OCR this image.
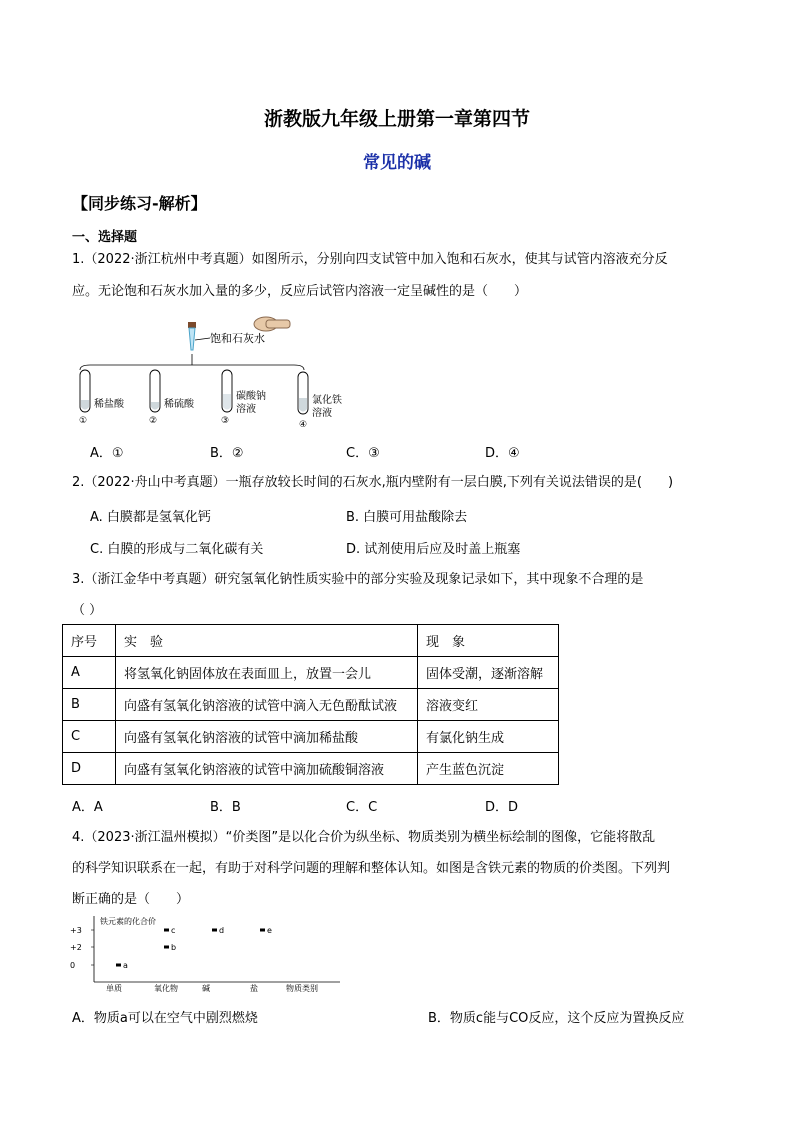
浙教版九年级上册第一章第四节
常见的碱
【同步练习-解析】
一、选择题
1.（2022·浙江杭州中考真题）如图所示，分别向四支试管中加入饱和石灰水，使其与试管内溶液充分反
应。无论饱和石灰水加入量的多少，反应后试管内溶液一定呈碱性的是（　　）
饱和石灰水
稀盐酸
①
稀硫酸
②
碳酸钠
溶液
③
氯化铁
溶液
④
A．①	B．②	C．③	D．④
2.（2022·舟山中考真题）一瓶存放较长时间的石灰水,瓶内壁附有一层白膜,下列有关说法错误的是(　　)
A. 白膜都是氢氧化钙	B. 白膜可用盐酸除去
C. 白膜的形成与二氧化碳有关	D. 试剂使用后应及时盖上瓶塞
3.（浙江金华中考真题）研究氢氧化钠性质实验中的部分实验及现象记录如下，其中现象不合理的是
（ ）
序号	实　验	现　象
A	将氢氧化钠固体放在表面皿上，放置一会儿	固体受潮，逐渐溶解
B	向盛有氢氧化钠溶液的试管中滴入无色酚酞试液	溶液变红
C	向盛有氢氧化钠溶液的试管中滴加稀盐酸	有氯化钠生成
D	向盛有氢氧化钠溶液的试管中滴加硫酸铜溶液	产生蓝色沉淀
A．A	B．B	C．C	D．D
4.（2023·浙江温州模拟）“价类图”是以化合价为纵坐标、物质类别为横坐标绘制的图像，它能将散乱
的科学知识联系在一起，有助于对科学问题的理解和整体认知。如图是含铁元素的物质的价类图。下列判
断正确的是（　　）
铁元素的化合价
+3
+2
0
单质	氧化物	碱	盐
a
b
c	d	e
物质类别
A．物质a可以在空气中剧烈燃烧	B．物质c能与CO反应，这个反应为置换反应
